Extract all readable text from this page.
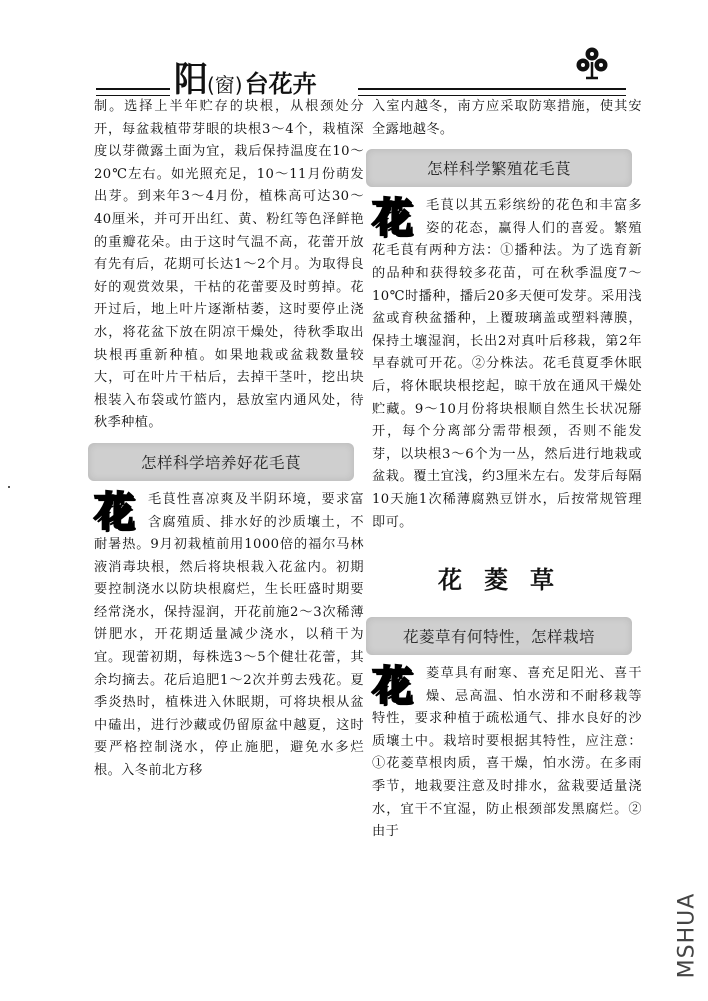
阳 (窗) 台花卉

制。选择上半年贮存的块根，从根颈处分开，每盆栽植带芽眼的块根3～4个，栽植深度以芽微露土面为宜，栽后保持温度在10～20℃左右。如光照充足，10～11月份萌发出芽。到来年3～4月份，植株高可达30～40厘米，并可开出红、黄、粉红等色泽鲜艳的重瓣花朵。由于这时气温不高，花蕾开放有先有后，花期可长达1～2个月。为取得良好的观赏效果，干枯的花蕾要及时剪掉。花开过后，地上叶片逐渐枯萎，这时要停止浇水，将花盆下放在阴凉干燥处，待秋季取出块根再重新种植。如果地栽或盆栽数量较大，可在叶片干枯后，去掉干茎叶，挖出块根装入布袋或竹篮内，悬放室内通风处，待秋季种植。

怎样科学培养好花毛茛
花	毛茛性喜凉爽及半阴环境，要求富含腐殖质、排水好的沙质壤土，不耐暑热。9月初栽植前用1000倍的福尔马林液消毒块根，然后将块根栽入花盆内。初期要控制浇水以防块根腐烂，生长旺盛时期要经常浇水，保持湿润，开花前施2～3次稀薄饼肥水，开花期适量减少浇水，以稍干为宜。现蕾初期，每株选3～5个健壮花蕾，其余均摘去。花后追肥1～2次并剪去残花。夏季炎热时，植株进入休眠期，可将块根从盆中磕出，进行沙藏或仍留原盆中越夏，这时要严格控制浇水，停止施肥，避免水多烂根。入冬前北方移

入室内越冬，南方应采取防寒措施，使其安全露地越冬。

怎样科学繁殖花毛茛
花	毛茛以其五彩缤纷的花色和丰富多姿的花态，赢得人们的喜爱。繁殖花毛茛有两种方法：①播种法。为了选育新的品种和获得较多花苗，可在秋季温度7～10℃时播种，播后20多天便可发芽。采用浅盆或育秧盆播种，上覆玻璃盖或塑料薄膜，保持土壤湿润，长出2对真叶后移栽，第2年早春就可开花。②分株法。花毛茛夏季休眠后，将休眠块根挖起，晾干放在通风干燥处贮藏。9～10月份将块根顺自然生长状况掰开，每个分离部分需带根颈，否则不能发芽，以块根3～6个为一丛，然后进行地栽或盆栽。覆土宜浅，约3厘米左右。发芽后每隔10天施1次稀薄腐熟豆饼水，后按常规管理即可。

花菱草
花菱草有何特性，怎样栽培
花	菱草具有耐寒、喜充足阳光、喜干燥、忌高温、怕水涝和不耐移栽等特性，要求种植于疏松通气、排水良好的沙质壤土中。栽培时要根据其特性，应注意：①花菱草根肉质，喜干燥，怕水涝。在多雨季节，地栽要注意及时排水，盆栽要适量浇水，宜干不宜湿，防止根颈部发黑腐烂。②由于

MSHUA
